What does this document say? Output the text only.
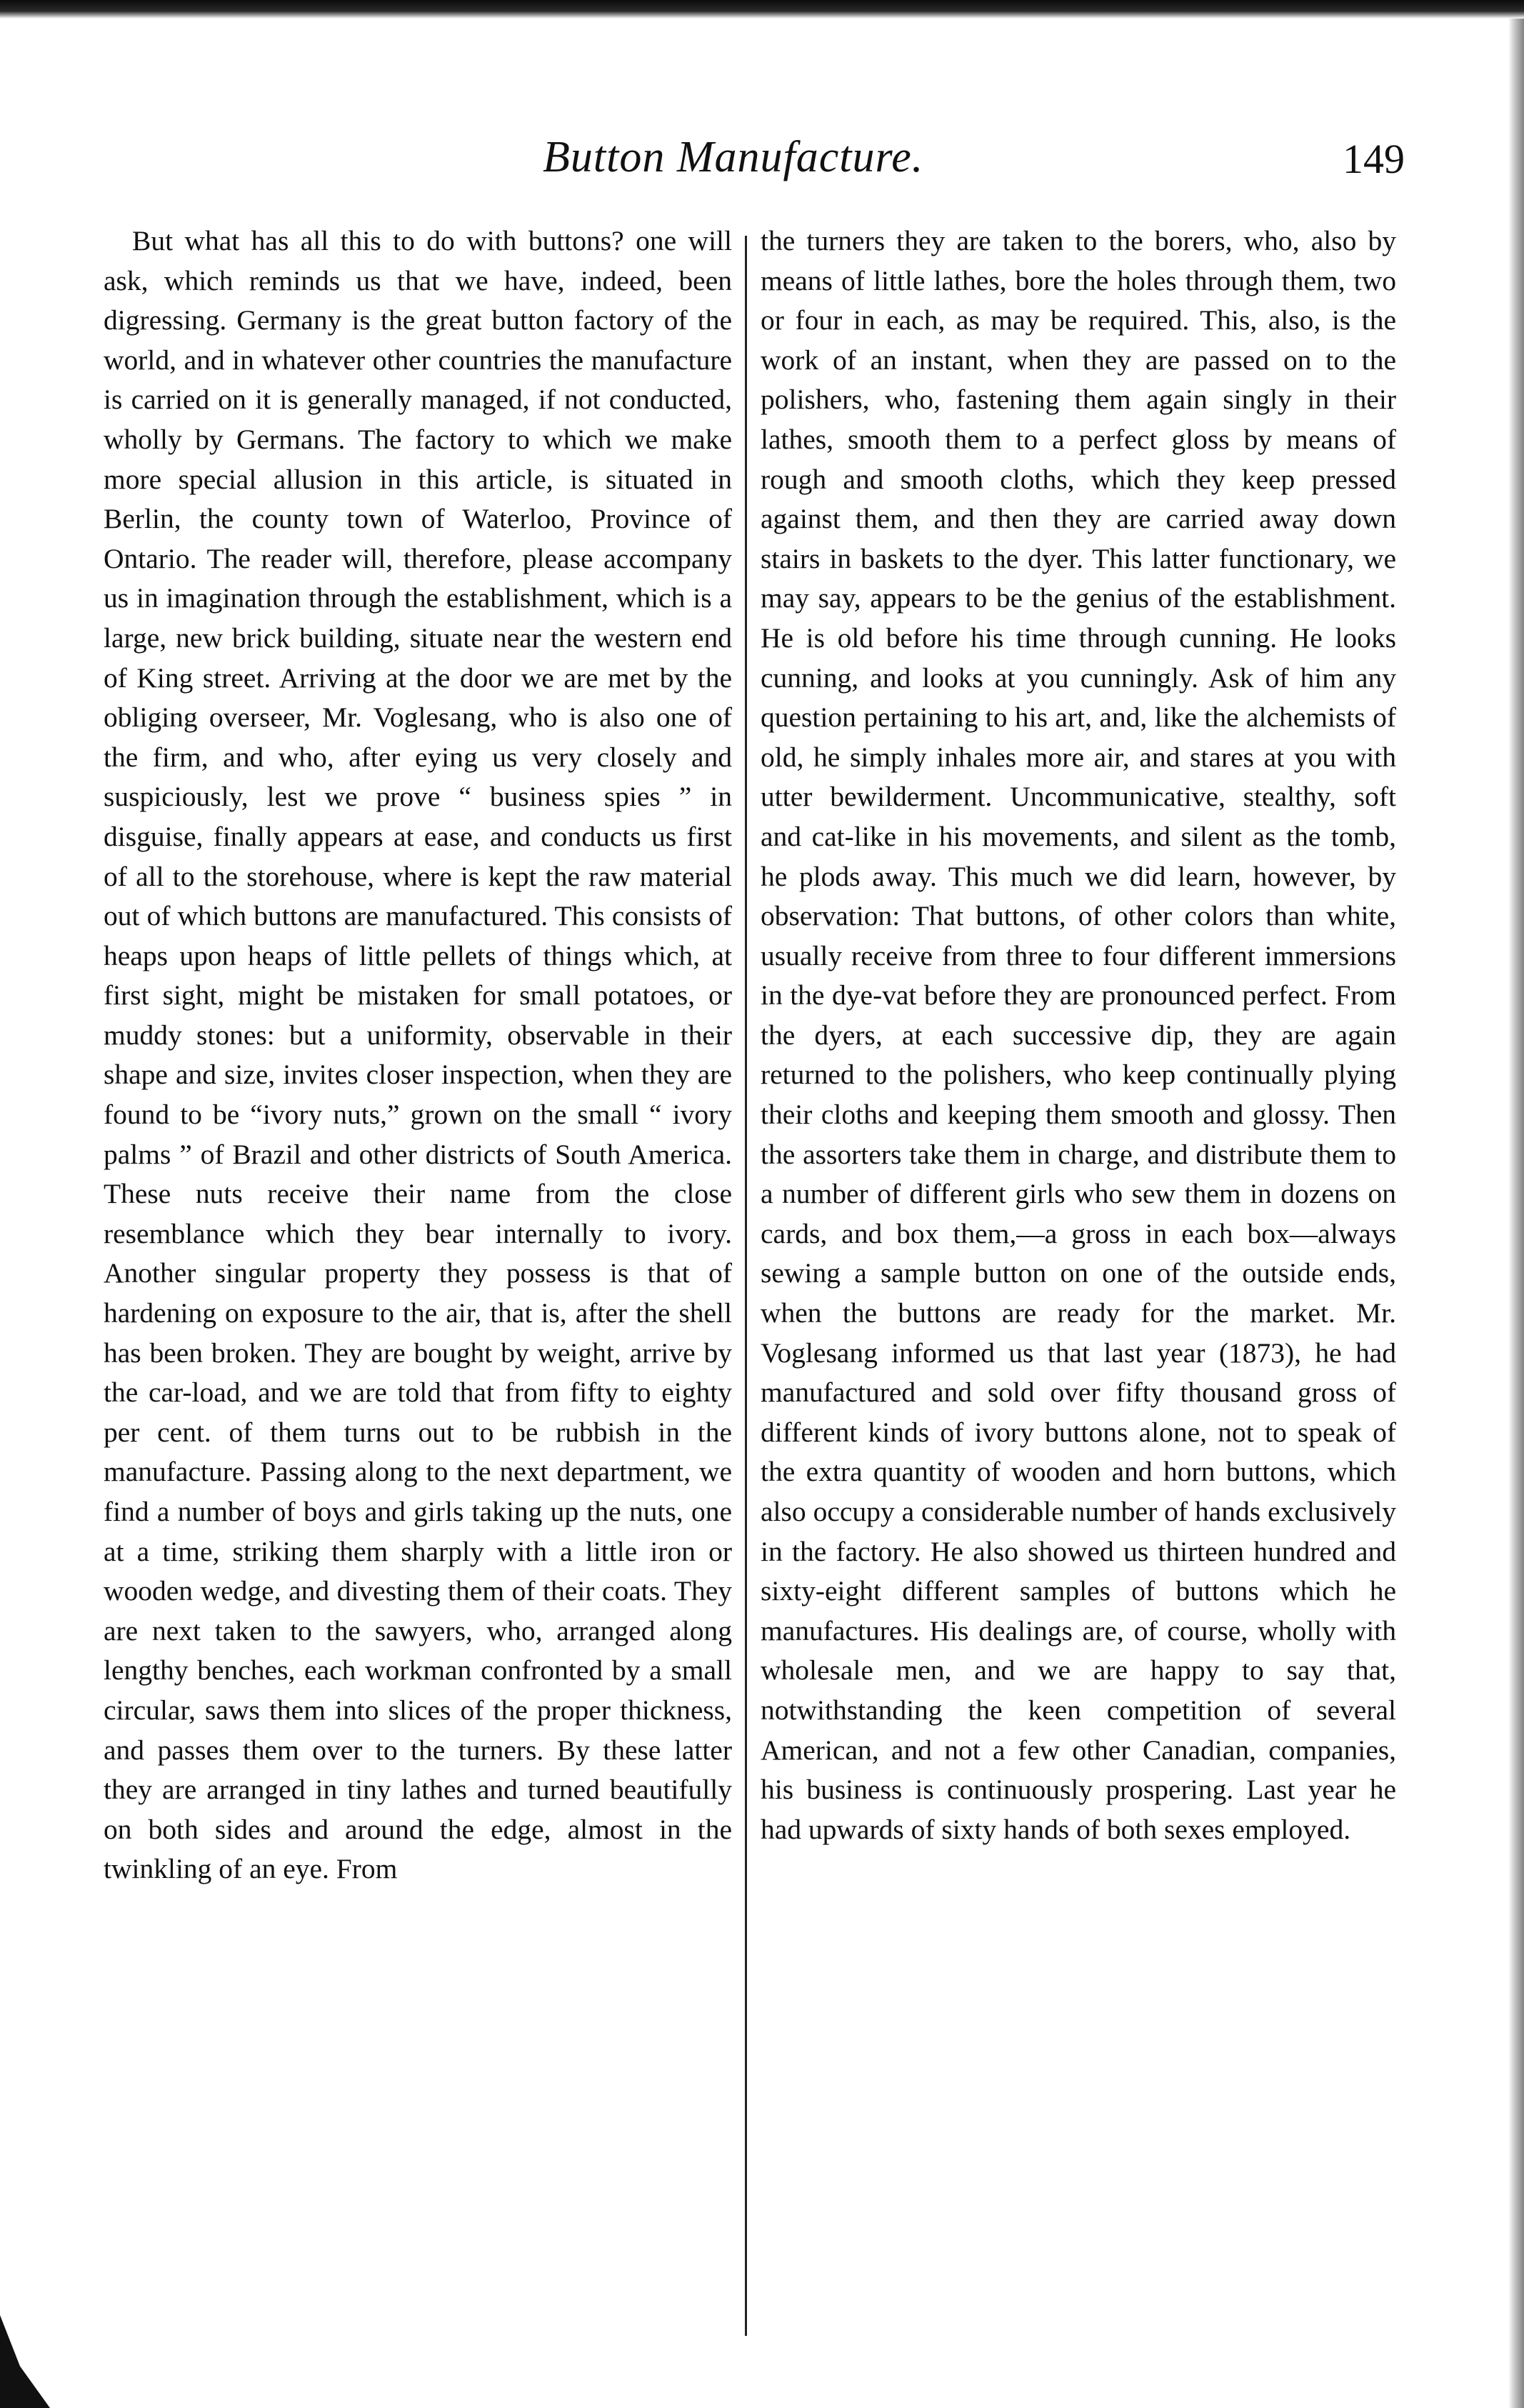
Button Manufacture.	149

But what has all this to do with buttons? one will ask, which reminds us that we have, indeed, been digressing. Germany is the great button factory of the world, and in whatever other countries the manufacture is carried on it is generally managed, if not conducted, wholly by Germans. The factory to which we make more special allusion in this article, is situated in Berlin, the county town of Waterloo, Province of Ontario. The reader will, therefore, please accompany us in imagination through the establishment, which is a large, new brick building, situate near the western end of King street. Arriving at the door we are met by the obliging overseer, Mr. Voglesang, who is also one of the firm, and who, after eying us very closely and suspiciously, lest we prove “ business spies ” in disguise, finally appears at ease, and conducts us first of all to the storehouse, where is kept the raw material out of which buttons are manufactured. This consists of heaps upon heaps of little pellets of things which, at first sight, might be mistaken for small potatoes, or muddy stones: but a uniformity, observable in their shape and size, invites closer inspection, when they are found to be “ivory nuts,” grown on the small “ ivory palms ” of Brazil and other districts of South America. These nuts receive their name from the close resemblance which they bear internally to ivory. Another singular property they possess is that of hardening on exposure to the air, that is, after the shell has been broken. They are bought by weight, arrive by the car-load, and we are told that from fifty to eighty per cent. of them turns out to be rubbish in the manufacture. Passing along to the next department, we find a number of boys and girls taking up the nuts, one at a time, striking them sharply with a little iron or wooden wedge, and divesting them of their coats. They are next taken to the sawyers, who, arranged along lengthy benches, each workman confronted by a small circular, saws them into slices of the proper thickness, and passes them over to the turners. By these latter they are arranged in tiny lathes and turned beautifully on both sides and around the edge, almost in the twinkling of an eye. From

the turners they are taken to the borers, who, also by means of little lathes, bore the holes through them, two or four in each, as may be required. This, also, is the work of an instant, when they are passed on to the polishers, who, fastening them again singly in their lathes, smooth them to a perfect gloss by means of rough and smooth cloths, which they keep pressed against them, and then they are carried away down stairs in baskets to the dyer. This latter functionary, we may say, appears to be the genius of the establishment. He is old before his time through cunning. He looks cunning, and looks at you cunningly. Ask of him any question pertaining to his art, and, like the alchemists of old, he simply inhales more air, and stares at you with utter bewilderment. Uncommunicative, stealthy, soft and cat-like in his movements, and silent as the tomb, he plods away. This much we did learn, however, by observation: That buttons, of other colors than white, usually receive from three to four different immersions in the dye-vat before they are pronounced perfect. From the dyers, at each successive dip, they are again returned to the polishers, who keep continually plying their cloths and keeping them smooth and glossy. Then the assorters take them in charge, and distribute them to a number of different girls who sew them in dozens on cards, and box them,—a gross in each box—always sewing a sample button on one of the outside ends, when the buttons are ready for the market. Mr. Voglesang informed us that last year (1873), he had manufactured and sold over fifty thousand gross of different kinds of ivory buttons alone, not to speak of the extra quantity of wooden and horn buttons, which also occupy a considerable number of hands exclusively in the factory. He also showed us thirteen hundred and sixty-eight different samples of buttons which he manufactures. His dealings are, of course, wholly with wholesale men, and we are happy to say that, notwithstanding the keen competition of several American, and not a few other Canadian, companies, his business is continuously prospering. Last year he had upwards of sixty hands of both sexes employed.
